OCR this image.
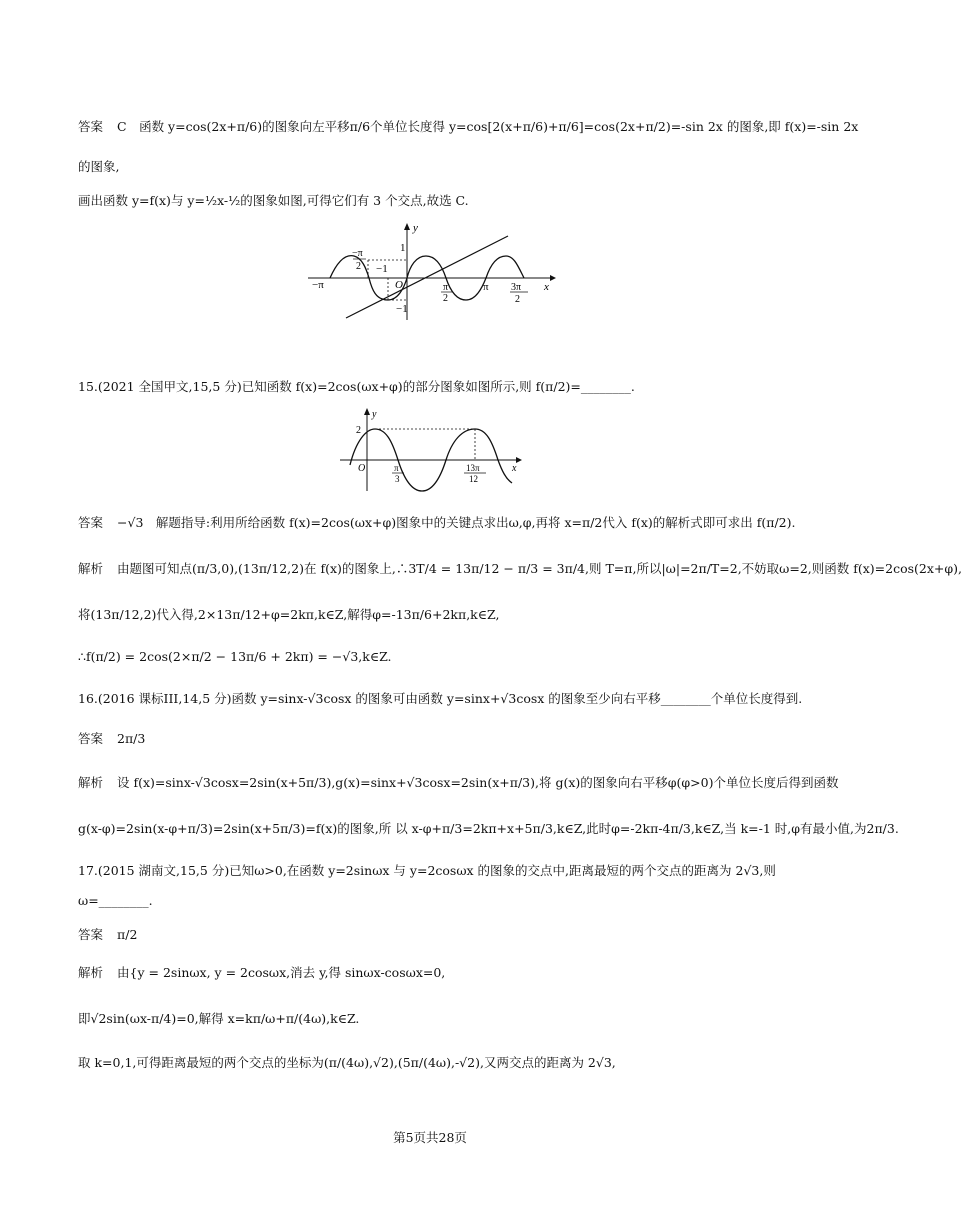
答案 C　函数 y=cos(2x+π/6)的图象向左平移π/6个单位长度得 y=cos[2(x+π/6)+π/6]=cos(2x+π/2)=-sin 2x 的图象,即 f(x)=-sin 2x
的图象,
画出函数 y=f(x)与 y=½x-½的图象如图,可得它们有 3 个交点,故选 C.
y
x
O
−π
−π
2
1
−1
−1
π
2
π 3π
2
15.(2021 全国甲文,15,5 分)已知函数 f(x)=2cos(ωx+φ)的部分图象如图所示,则 f(π/2)=________.
y
x
O
2
π
3
13π
12
答案 −√3　解题指导:利用所给函数 f(x)=2cos(ωx+φ)图象中的关键点求出ω,φ,再将 x=π/2代入 f(x)的解析式即可求出 f(π/2).
解析 由题图可知点(π/3,0),(13π/12,2)在 f(x)的图象上,∴3T/4 = 13π/12 − π/3 = 3π/4,则 T=π,所以|ω|=2π/T=2,不妨取ω=2,则函数 f(x)=2cos(2x+φ),
将(13π/12,2)代入得,2×13π/12+φ=2kπ,k∈Z,解得φ=-13π/6+2kπ,k∈Z,
∴f(π/2) = 2cos(2×π/2 − 13π/6 + 2kπ) = −√3,k∈Z.
16.(2016 课标III,14,5 分)函数 y=sinx-√3cosx 的图象可由函数 y=sinx+√3cosx 的图象至少向右平移________个单位长度得到.
答案 2π/3
解析 设 f(x)=sinx-√3cosx=2sin(x+5π/3),g(x)=sinx+√3cosx=2sin(x+π/3),将 g(x)的图象向右平移φ(φ>0)个单位长度后得到函数
g(x-φ)=2sin(x-φ+π/3)=2sin(x+5π/3)=f(x)的图象,所 以 x-φ+π/3=2kπ+x+5π/3,k∈Z,此时φ=-2kπ-4π/3,k∈Z,当 k=-1 时,φ有最小值,为2π/3.
17.(2015 湖南文,15,5 分)已知ω>0,在函数 y=2sinωx 与 y=2cosωx 的图象的交点中,距离最短的两个交点的距离为 2√3,则
ω=________.
答案 π/2
解析 由{y = 2sinωx, y = 2cosωx,消去 y,得 sinωx-cosωx=0,
即√2sin(ωx-π/4)=0,解得 x=kπ/ω+π/(4ω),k∈Z.
取 k=0,1,可得距离最短的两个交点的坐标为(π/(4ω),√2),(5π/(4ω),-√2),又两交点的距离为 2√3,
第5页共28页
